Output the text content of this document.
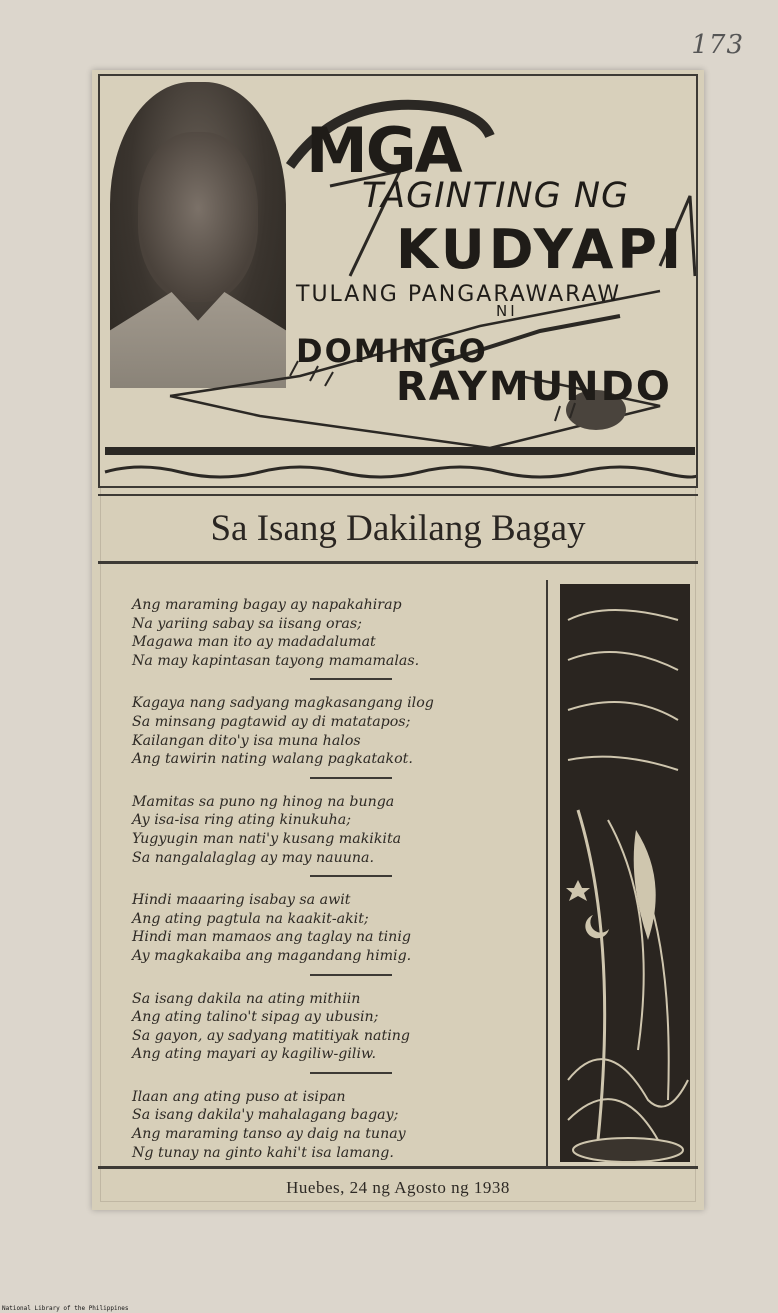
173
MGA
TAGINTING NG
KUDYAPI
TULANG PANGARAWARAW
NI
DOMINGO
RAYMUNDO
Sa Isang Dakilang Bagay
Ang maraming bagay ay napakahirap
Na yariing sabay sa iisang oras;
Magawa man ito ay madadalumat
Na may kapintasan tayong mamamalas.
Kagaya nang sadyang magkasangang ilog
Sa minsang pagtawid ay di matatapos;
Kailangan dito'y isa muna halos
Ang tawirin nating walang pagkatakot.
Mamitas sa puno ng hinog na bunga
Ay isa-isa ring ating kinukuha;
Yugyugin man nati'y kusang makikita
Sa nangalalaglag ay may nauuna.
Hindi maaaring isabay sa awit
Ang ating pagtula na kaakit-akit;
Hindi man mamaos ang taglay na tinig
Ay magkakaiba ang magandang himig.
Sa isang dakila na ating mithiin
Ang ating talino't sipag ay ubusin;
Sa gayon, ay sadyang matitiyak nating
Ang ating mayari ay kagiliw-giliw.
Ilaan ang ating puso at isipan
Sa isang dakila'y mahalagang bagay;
Ang maraming tanso ay daig na tunay
Ng tunay na ginto kahi't isa lamang.
Huebes, 24 ng Agosto ng 1938
National Library of the Philippines
